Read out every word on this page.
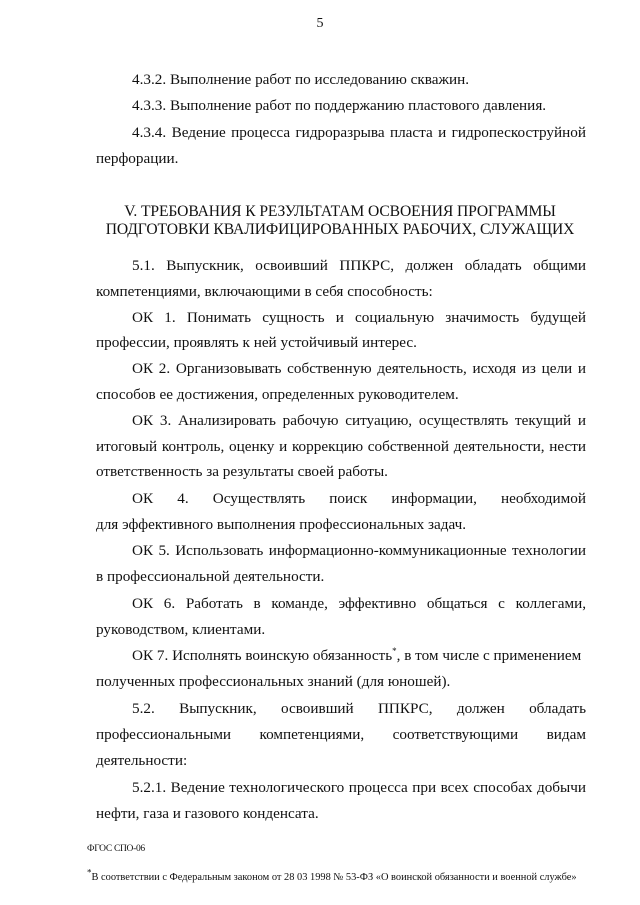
5
4.3.2. Выполнение работ по исследованию скважин.
4.3.3. Выполнение работ по поддержанию пластового давления.
4.3.4. Ведение процесса гидроразрыва пласта и гидропескоструйной
перфорации.
V. ТРЕБОВАНИЯ К РЕЗУЛЬТАТАМ ОСВОЕНИЯ ПРОГРАММЫ
ПОДГОТОВКИ КВАЛИФИЦИРОВАННЫХ РАБОЧИХ, СЛУЖАЩИХ
5.1. Выпускник, освоивший ППКРС, должен обладать общими
компетенциями, включающими в себя способность:
ОК 1. Понимать сущность и социальную значимость будущей
профессии, проявлять к ней устойчивый интерес.
ОК 2. Организовывать собственную деятельность, исходя из цели и
способов ее достижения, определенных руководителем.
ОК 3. Анализировать рабочую ситуацию, осуществлять текущий и
итоговый контроль, оценку и коррекцию собственной деятельности, нести
ответственность за результаты своей работы.
ОК 4. Осуществлять поиск информации, необходимой
для эффективного выполнения профессиональных задач.
ОК 5. Использовать информационно-коммуникационные технологии
в профессиональной деятельности.
ОК 6. Работать в команде, эффективно общаться с коллегами,
руководством, клиентами.
ОК 7. Исполнять воинскую обязанность*, в том числе с применением
полученных профессиональных знаний (для юношей).
5.2. Выпускник, освоивший ППКРС, должен обладать
профессиональными компетенциями, соответствующими видам
деятельности:
5.2.1. Ведение технологического процесса при всех способах добычи
нефти, газа и газового конденсата.
ФГОС СПО-06
*В соответствии с Федеральным законом от 28 03 1998 № 53-ФЗ «О воинской обязанности и военной службе»
